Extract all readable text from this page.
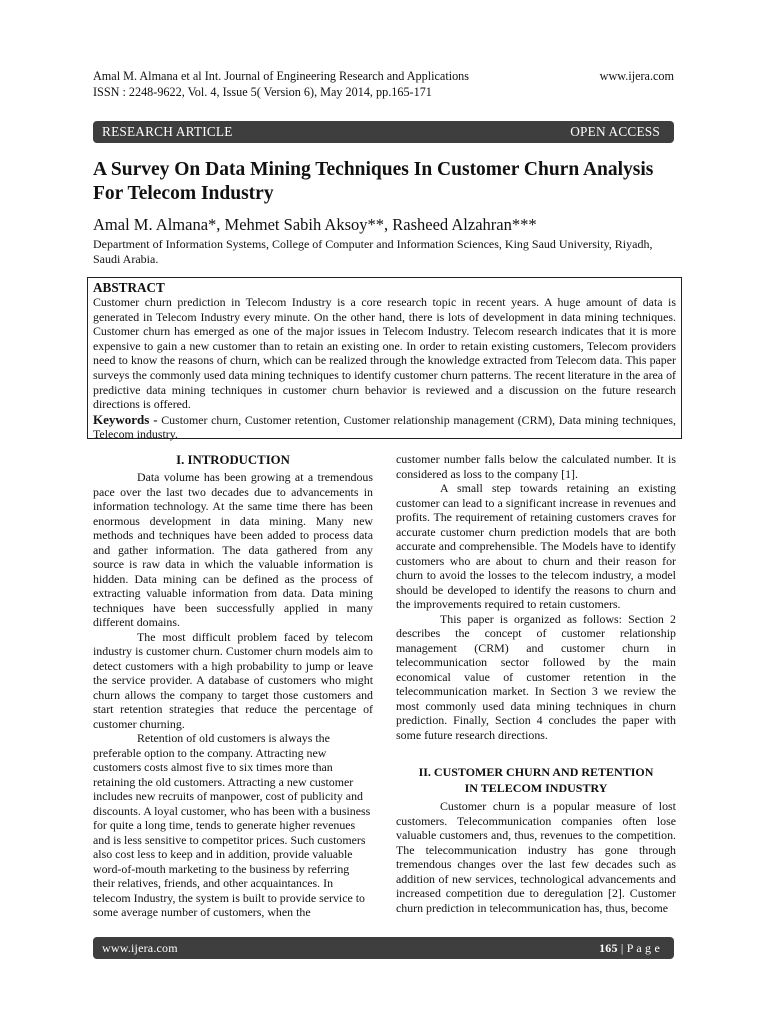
Amal M. Almana et al Int. Journal of Engineering Research and Applications	www.ijera.com
ISSN : 2248-9622, Vol. 4, Issue 5( Version 6), May 2014, pp.165-171
RESEARCH ARTICLE	OPEN ACCESS
A Survey On Data Mining Techniques In Customer Churn Analysis For Telecom Industry
Amal M. Almana*, Mehmet Sabih Aksoy**, Rasheed Alzahran***
Department of Information Systems, College of Computer and Information Sciences, King Saud University, Riyadh, Saudi Arabia.
ABSTRACT
Customer churn prediction in Telecom Industry is a core research topic in recent years. A huge amount of data is generated in Telecom Industry every minute. On the other hand, there is lots of development in data mining techniques. Customer churn has emerged as one of the major issues in Telecom Industry. Telecom research indicates that it is more expensive to gain a new customer than to retain an existing one. In order to retain existing customers, Telecom providers need to know the reasons of churn, which can be realized through the knowledge extracted from Telecom data. This paper surveys the commonly used data mining techniques to identify customer churn patterns. The recent literature in the area of predictive data mining techniques in customer churn behavior is reviewed and a discussion on the future research directions is offered.
Keywords - Customer churn, Customer retention, Customer relationship management (CRM), Data mining techniques, Telecom industry.
I. INTRODUCTION

Data volume has been growing at a tremendous pace over the last two decades due to advancements in information technology. At the same time there has been enormous development in data mining. Many new methods and techniques have been added to process data and gather information. The data gathered from any source is raw data in which the valuable information is hidden. Data mining can be defined as the process of extracting valuable information from data. Data mining techniques have been successfully applied in many different domains.

The most difficult problem faced by telecom industry is customer churn. Customer churn models aim to detect customers with a high probability to jump or leave the service provider. A database of customers who might churn allows the company to target those customers and start retention strategies that reduce the percentage of customer churning.

Retention of old customers is always the preferable option to the company. Attracting new customers costs almost five to six times more than retaining the old customers. Attracting a new customer includes new recruits of manpower, cost of publicity and discounts. A loyal customer, who has been with a business for quite a long time, tends to generate higher revenues and is less sensitive to competitor prices. Such customers also cost less to keep and in addition, provide valuable word-of-mouth marketing to the business by referring their relatives, friends, and other acquaintances. In telecom Industry, the system is built to provide service to some average number of customers, when the

customer number falls below the calculated number. It is considered as loss to the company [1].

A small step towards retaining an existing customer can lead to a significant increase in revenues and profits. The requirement of retaining customers craves for accurate customer churn prediction models that are both accurate and comprehensible. The Models have to identify customers who are about to churn and their reason for churn to avoid the losses to the telecom industry, a model should be developed to identify the reasons to churn and the improvements required to retain customers.

This paper is organized as follows: Section 2 describes the concept of customer relationship management (CRM) and customer churn in telecommunication sector followed by the main economical value of customer retention in the telecommunication market. In Section 3 we review the most commonly used data mining techniques in churn prediction. Finally, Section 4 concludes the paper with some future research directions.

II. CUSTOMER CHURN AND RETENTION
IN TELECOM INDUSTRY

Customer churn is a popular measure of lost customers. Telecommunication companies often lose valuable customers and, thus, revenues to the competition. The telecommunication industry has gone through tremendous changes over the last few decades such as addition of new services, technological advancements and increased competition due to deregulation [2]. Customer churn prediction in telecommunication has, thus, become

www.ijera.com	165 | P a g e
